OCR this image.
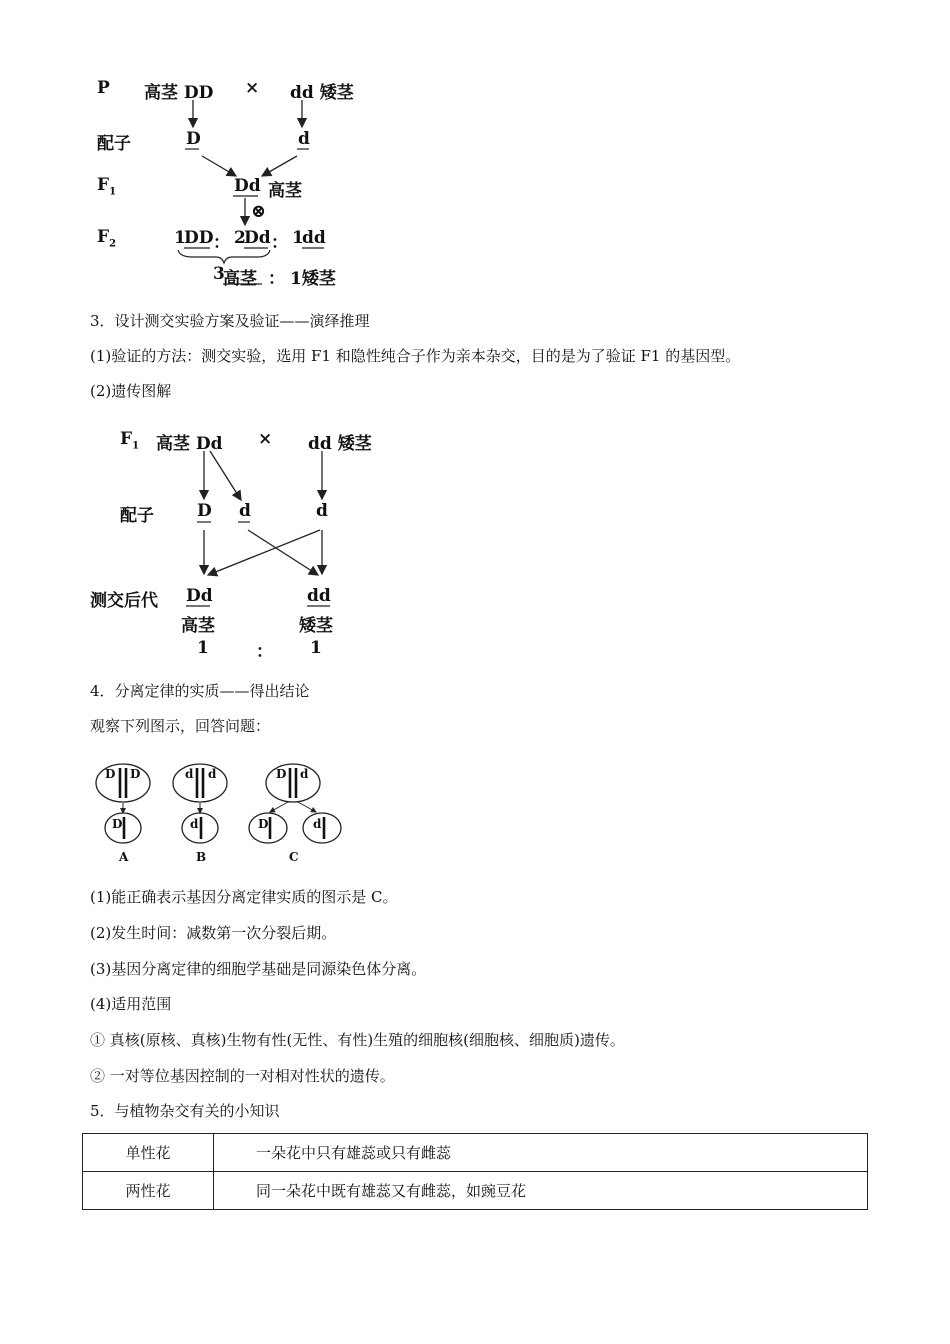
P 高茎 DD × dd 矮茎
配子	D	d
$F_1$	Dd 高茎
⊗
$F_2$	1
DD ： 2
Dd ： 1
dd
3
高茎 ： 1矮茎
3．设计测交实验方案及验证——演绎推理
(1)验证的方法：测交实验，选用 F1 和隐性纯合子作为亲本杂交，目的是为了验证 F1 的基因型。
(2)遗传图解
$F_1$ 高茎 Dd × dd 矮茎
配子	D d	d
测交后代 Dd	dd
高茎	矮茎
1	： 1
4．分离定律的实质——得出结论
观察下列图示，回答问题：
D D
D
A
d d
d
B
D d
D	d
C
(1)能正确表示基因分离定律实质的图示是 C。
(2)发生时间：减数第一次分裂后期。
(3)基因分离定律的细胞学基础是同源染色体分离。
(4)适用范围
① 真核(原核、真核)生物有性(无性、有性)生殖的细胞核(细胞核、细胞质)遗传。
② 一对等位基因控制的一对相对性状的遗传。
5．与植物杂交有关的小知识
单性花	一朵花中只有雄蕊或只有雌蕊
两性花	同一朵花中既有雄蕊又有雌蕊，如豌豆花
